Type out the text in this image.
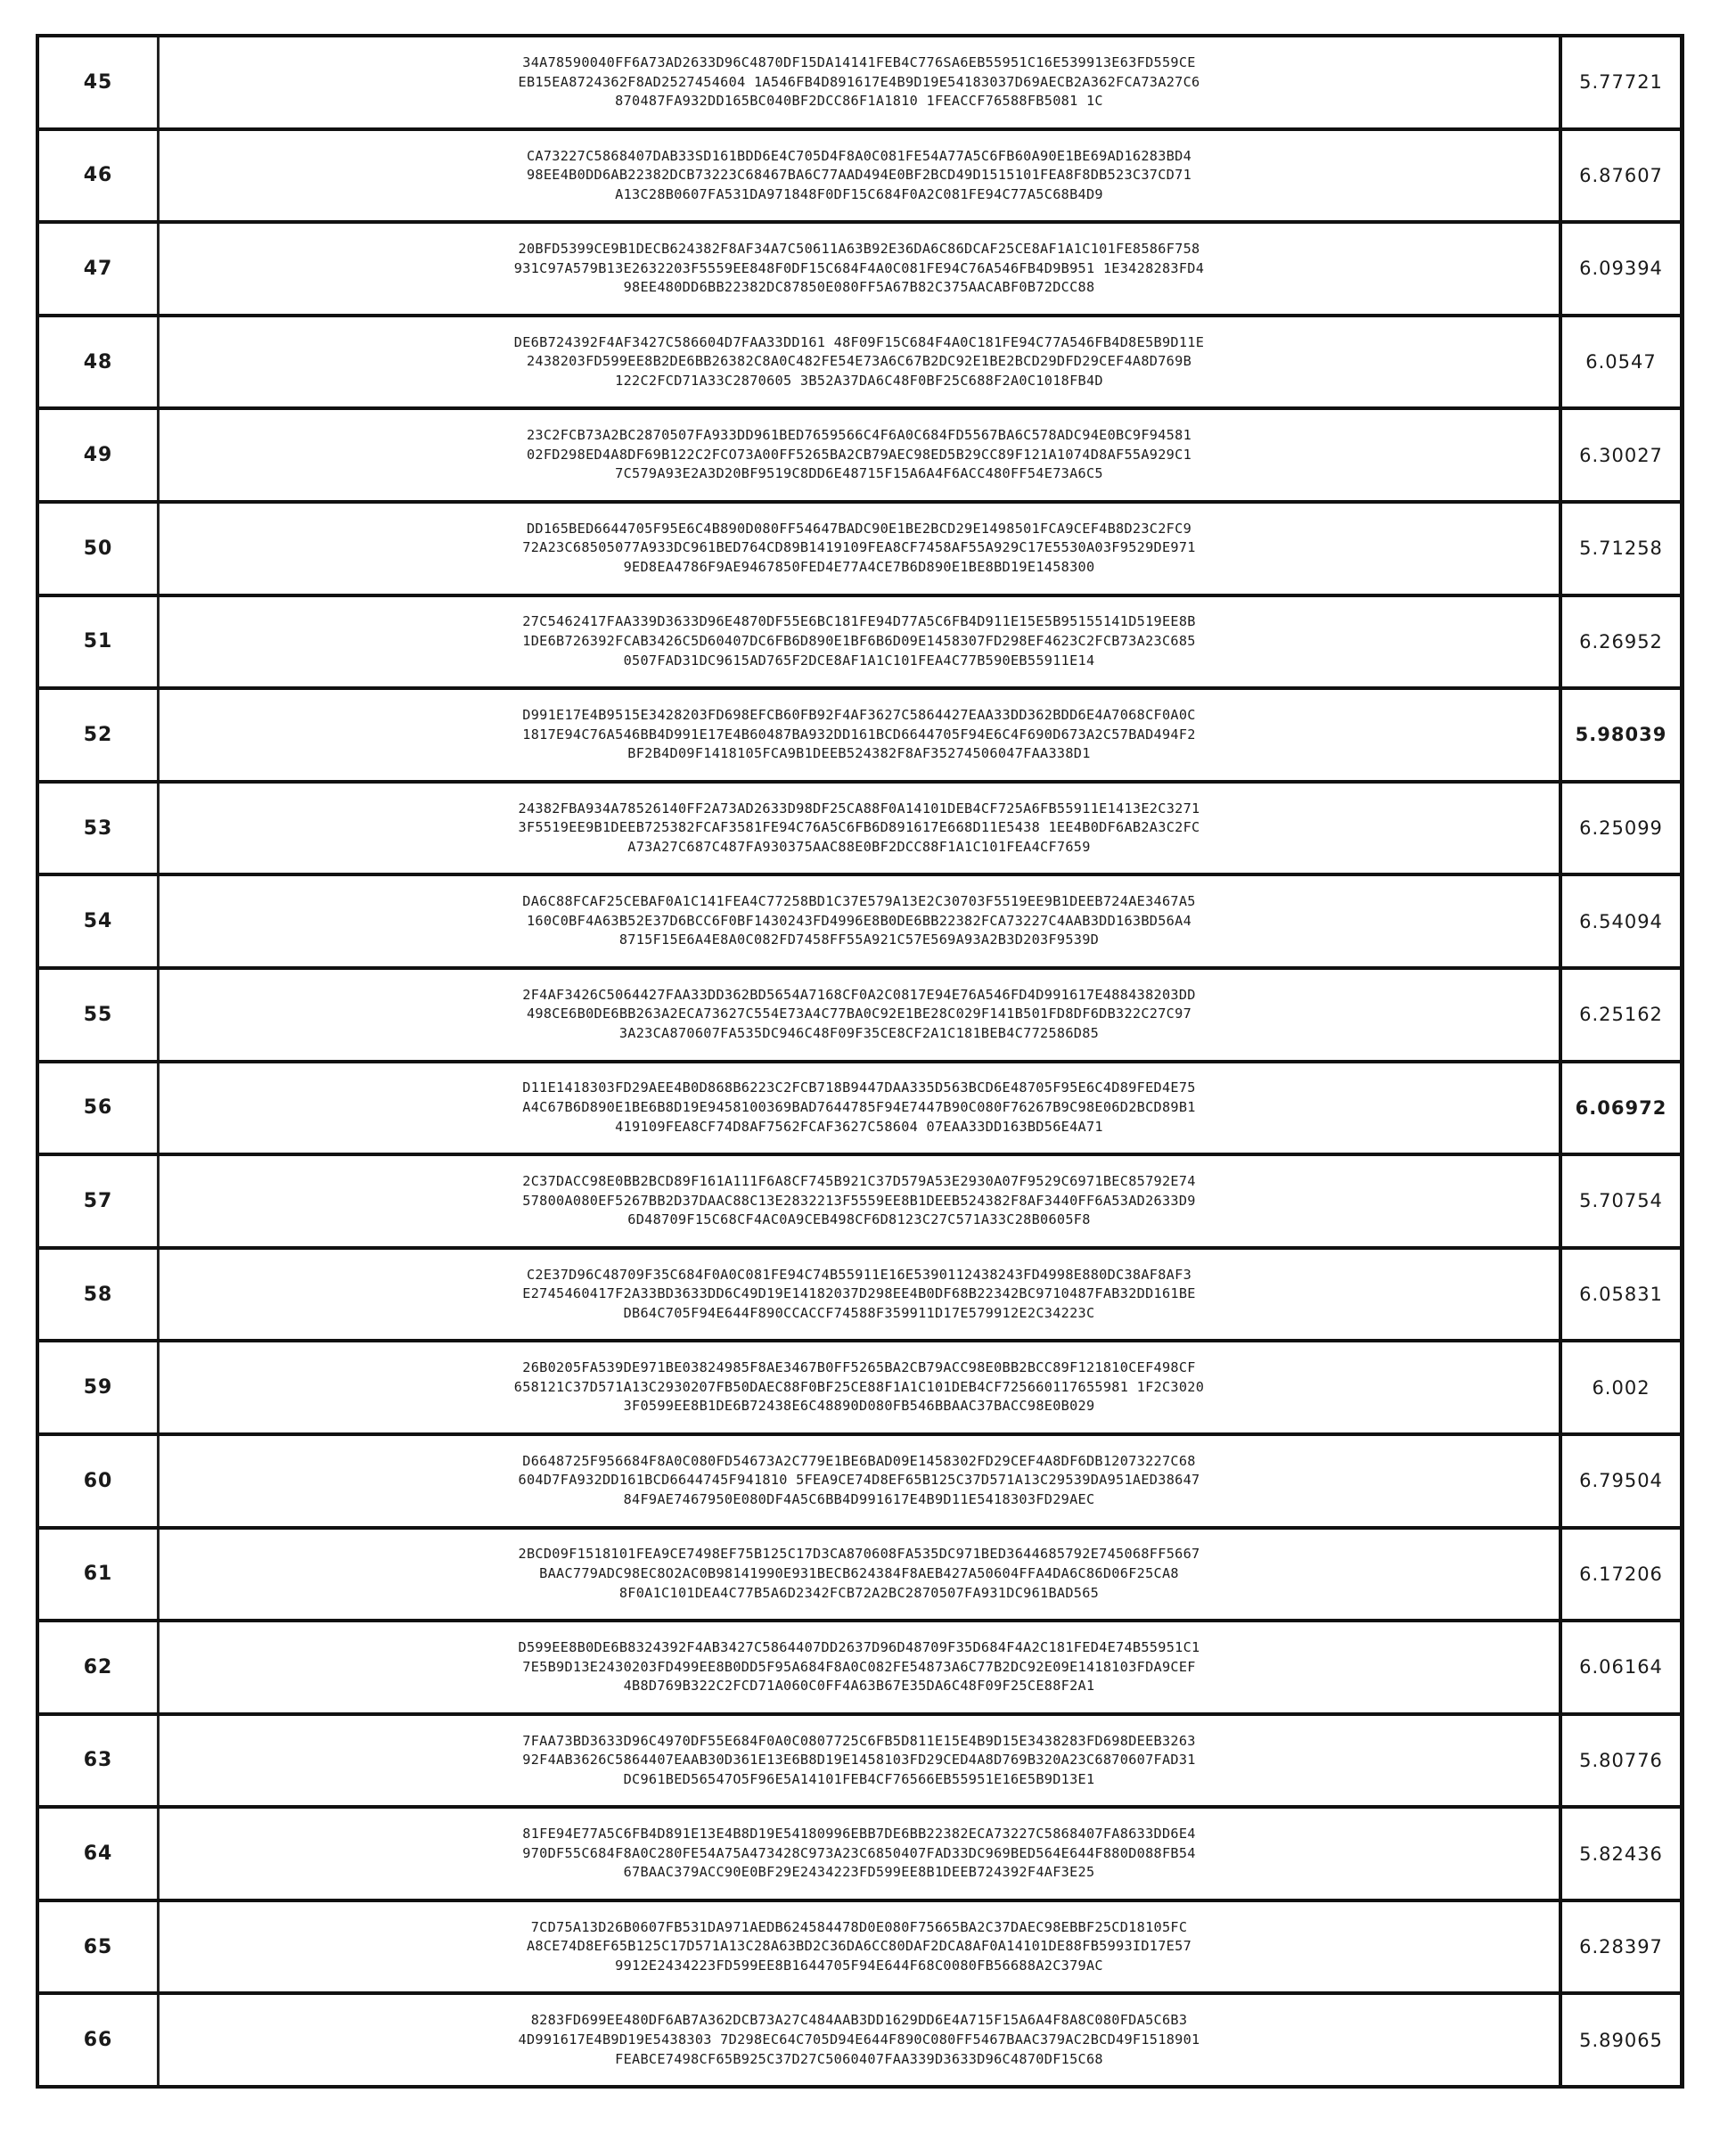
45
34A78590040FF6A73AD2633D96C4870DF15DA14141FEB4C776SA6EB55951C16E539913E63FD559CE
EB15EA8724362F8AD2527454604 1A546FB4D891617E4B9D19E54183037D69AECB2A362FCA73A27C6
870487FA932DD165BC040BF2DCC86F1A1810 1FEACCF76588FB5081 1C
5.77721
46
CA73227C5868407DAB33SD161BDD6E4C705D4F8A0C081FE54A77A5C6FB60A90E1BE69AD16283BD4
98EE4B0DD6AB22382DCB73223C68467BA6C77AAD494E0BF2BCD49D1515101FEA8F8DB523C37CD71
A13C28B0607FA531DA971848F0DF15C684F0A2C081FE94C77A5C68B4D9
6.87607
47
20BFD5399CE9B1DECB624382F8AF34A7C50611A63B92E36DA6C86DCAF25CE8AF1A1C101FE8586F758
931C97A579B13E2632203F5559EE848F0DF15C684F4A0C081FE94C76A546FB4D9B951 1E3428283FD4
98EE480DD6BB22382DC87850E080FF5A67B82C375AACABF0B72DCC88
6.09394
48
DE6B724392F4AF3427C586604D7FAA33DD161 48F09F15C684F4A0C181FE94C77A546FB4D8E5B9D11E
2438203FD599EE8B2DE6BB26382C8A0C482FE54E73A6C67B2DC92E1BE2BCD29DFD29CEF4A8D769B
122C2FCD71A33C2870605 3B52A37DA6C48F0BF25C688F2A0C1018FB4D
6.0547
49
23C2FCB73A2BC2870507FA933DD961BED7659566C4F6A0C684FD5567BA6C578ADC94E0BC9F94581
02FD298ED4A8DF69B122C2FCO73A00FF5265BA2CB79AEC98ED5B29CC89F121A1074D8AF55A929C1
7C579A93E2A3D20BF9519C8DD6E48715F15A6A4F6ACC480FF54E73A6C5
6.30027
50
DD165BED6644705F95E6C4B890D080FF54647BADC90E1BE2BCD29E1498501FCA9CEF4B8D23C2FC9
72A23C68505077A933DC961BED764CD89B1419109FEA8CF7458AF55A929C17E5530A03F9529DE971
9ED8EA4786F9AE9467850FED4E77A4CE7B6D890E1BE8BD19E1458300
5.71258
51
27C5462417FAA339D3633D96E4870DF55E6BC181FE94D77A5C6FB4D911E15E5B95155141D519EE8B
1DE6B726392FCAB3426C5D60407DC6FB6D890E1BF6B6D09E1458307FD298EF4623C2FCB73A23C685
0507FAD31DC9615AD765F2DCE8AF1A1C101FEA4C77B590EB55911E14
6.26952
52
D991E17E4B9515E3428203FD698EFCB60FB92F4AF3627C5864427EAA33DD362BDD6E4A7068CF0A0C
1817E94C76A546BB4D991E17E4B60487BA932DD161BCD6644705F94E6C4F690D673A2C57BAD494F2
BF2B4D09F1418105FCA9B1DEEB524382F8AF35274506047FAA338D1
5.98039
53
24382FBA934A78526140FF2A73AD2633D98DF25CA88F0A14101DEB4CF725A6FB55911E1413E2C3271
3F5519EE9B1DEEB725382FCAF3581FE94C76A5C6FB6D891617E668D11E5438 1EE4B0DF6AB2A3C2FC
A73A27C687C487FA930375AAC88E0BF2DCC88F1A1C101FEA4CF7659
6.25099
54
DA6C88FCAF25CEBAF0A1C141FEA4C77258BD1C37E579A13E2C30703F5519EE9B1DEEB724AE3467A5
160C0BF4A63B52E37D6BCC6F0BF1430243FD4996E8B0DE6BB22382FCA73227C4AAB3DD163BD56A4
8715F15E6A4E8A0C082FD7458FF55A921C57E569A93A2B3D203F9539D
6.54094
55
2F4AF3426C5064427FAA33DD362BD5654A7168CF0A2C0817E94E76A546FD4D991617E488438203DD
498CE6B0DE6BB263A2ECA73627C554E73A4C77BA0C92E1BE28C029F141B501FD8DF6DB322C27C97
3A23CA870607FA535DC946C48F09F35CE8CF2A1C181BEB4C772586D85
6.25162
56
D11E1418303FD29AEE4B0D868B6223C2FCB718B9447DAA335D563BCD6E48705F95E6C4D89FED4E75
A4C67B6D890E1BE6B8D19E9458100369BAD7644785F94E7447B90C080F76267B9C98E06D2BCD89B1
419109FEA8CF74D8AF7562FCAF3627C58604 07EAA33DD163BD56E4A71
6.06972
57
2C37DACC98E0BB2BCD89F161A111F6A8CF745B921C37D579A53E2930A07F9529C6971BEC85792E74
57800A080EF5267BB2D37DAAC88C13E2832213F5559EE8B1DEEB524382F8AF3440FF6A53AD2633D9
6D48709F15C68CF4AC0A9CEB498CF6D8123C27C571A33C28B0605F8
5.70754
58
C2E37D96C48709F35C684F0A0C081FE94C74B55911E16E5390112438243FD4998E880DC38AF8AF3
E2745460417F2A33BD3633DD6C49D19E14182037D298EE4B0DF68B22342BC9710487FAB32DD161BE
DB64C705F94E644F890CCACCF74588F359911D17E579912E2C34223C
6.05831
59
26B0205FA539DE971BE03824985F8AE3467B0FF5265BA2CB79ACC98E0BB2BCC89F121810CEF498CF
658121C37D571A13C2930207FB50DAEC88F0BF25CE88F1A1C101DEB4CF725660117655981 1F2C3020
3F0599EE8B1DE6B72438E6C48890D080FB546BBAAC37BACC98E0B029
6.002
60
D6648725F956684F8A0C080FD54673A2C779E1BE6BAD09E1458302FD29CEF4A8DF6DB12073227C68
604D7FA932DD161BCD6644745F941810 5FEA9CE74D8EF65B125C37D571A13C29539DA951AED38647
84F9AE7467950E080DF4A5C6BB4D991617E4B9D11E5418303FD29AEC
6.79504
61
2BCD09F1518101FEA9CE7498EF75B125C17D3CA870608FA535DC971BED3644685792E745068FF5667
BAAC779ADC98EC8O2AC0B98141990E931BECB624384F8AEB427A50604FFA4DA6C86D06F25CA8
8F0A1C101DEA4C77B5A6D2342FCB72A2BC2870507FA931DC961BAD565
6.17206
62
D599EE8B0DE6B8324392F4AB3427C5864407DD2637D96D48709F35D684F4A2C181FED4E74B55951C1
7E5B9D13E2430203FD499EE8B0DD5F95A684F8A0C082FE54873A6C77B2DC92E09E1418103FDA9CEF
4B8D769B322C2FCD71A060C0FF4A63B67E35DA6C48F09F25CE88F2A1
6.06164
63
7FAA73BD3633D96C4970DF55E684F0A0C0807725C6FB5D811E15E4B9D15E3438283FD698DEEB3263
92F4AB3626C5864407EAAB30D361E13E6B8D19E1458103FD29CED4A8D769B320A23C6870607FAD31
DC961BED56547O5F96E5A14101FEB4CF76566EB55951E16E5B9D13E1
5.80776
64
81FE94E77A5C6FB4D891E13E4B8D19E54180996EBB7DE6BB22382ECA73227C5868407FA8633DD6E4
970DF55C684F8A0C280FE54A75A473428C973A23C6850407FAD33DC969BED564E644F880D088FB54
67BAAC379ACC90E0BF29E2434223FD599EE8B1DEEB724392F4AF3E25
5.82436
65
7CD75A13D26B0607FB531DA971AEDB624584478D0E080F75665BA2C37DAEC98EBBF25CD18105FC
A8CE74D8EF65B125C17D571A13C28A63BD2C36DA6CC80DAF2DCA8AF0A14101DE88FB5993ID17E57
9912E2434223FD599EE8B1644705F94E644F68C0080FB56688A2C379AC
6.28397
66
8283FD699EE480DF6AB7A362DCB73A27C484AAB3DD1629DD6E4A715F15A6A4F8A8C080FDA5C6B3
4D991617E4B9D19E5438303 7D298EC64C705D94E644F890C080FF5467BAAC379AC2BCD49F1518901
FEABCE7498CF65B925C37D27C5060407FAA339D3633D96C4870DF15C68
5.89065
